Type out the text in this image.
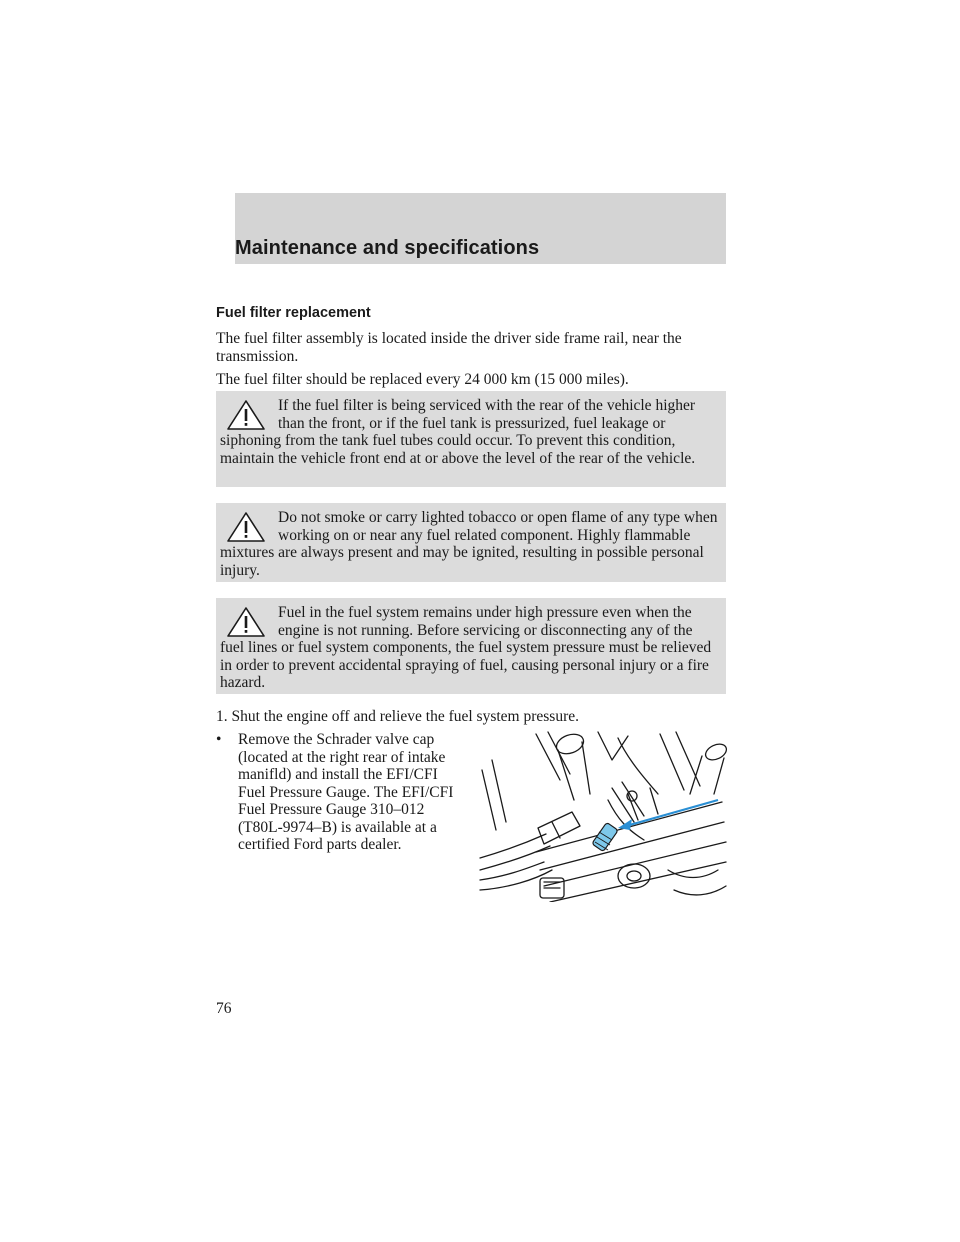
Maintenance and specifications
Fuel filter replacement
The fuel filter assembly is located inside the driver side frame rail, near the transmission.
The fuel filter should be replaced every 24 000 km (15 000 miles).
If the fuel filter is being serviced with the rear of the vehicle higher than the front, or if the fuel tank is pressurized, fuel leakage or siphoning from the tank fuel tubes could occur. To prevent this condition, maintain the vehicle front end at or above the level of the rear of the vehicle.
Do not smoke or carry lighted tobacco or open flame of any type when working on or near any fuel related component. Highly flammable mixtures are always present and may be ignited, resulting in possible personal injury.
Fuel in the fuel system remains under high pressure even when the engine is not running. Before servicing or disconnecting any of the fuel lines or fuel system components, the fuel system pressure must be relieved in order to prevent accidental spraying of fuel, causing personal injury or a fire hazard.
1. Shut the engine off and relieve the fuel system pressure.
• Remove the Schrader valve cap (located at the right rear of intake manifld) and install the EFI/CFI Fuel Pressure Gauge. The EFI/CFI Fuel Pressure Gauge 310–012 (T80L-9974–B) is available at a certified Ford parts dealer.
76
